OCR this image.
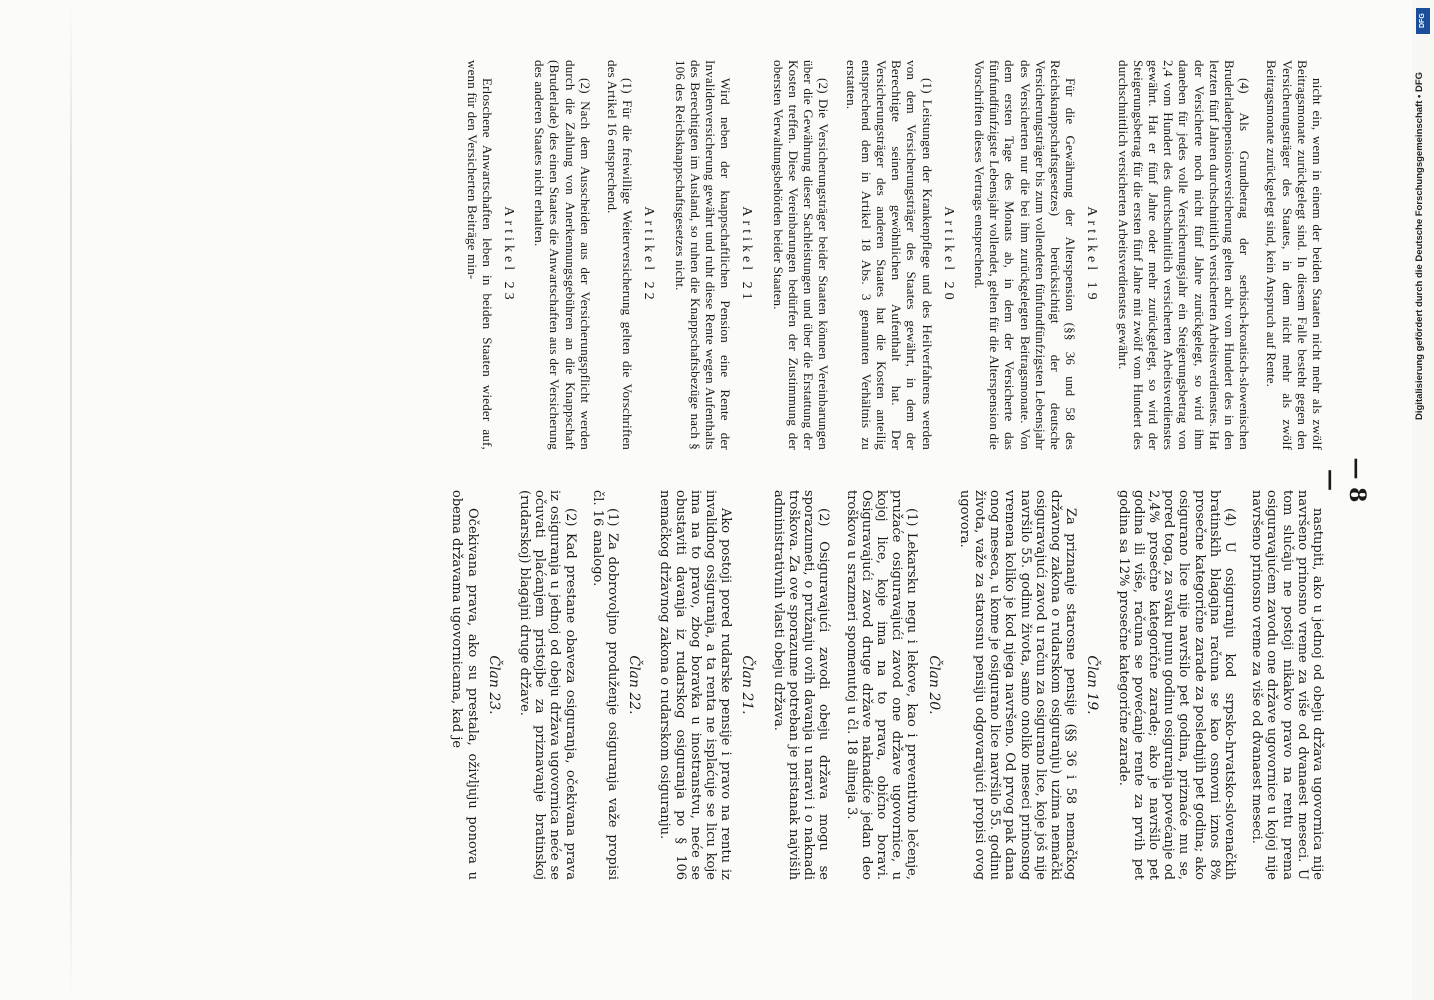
— 8 —

nicht ein, wenn in einem der beiden Staaten nicht mehr als zwölf Beitragsmonate zurückgelegt sind. In diesem Falle besteht gegen den Versicherungsträger des Staates, in dem nicht mehr als zwölf Beitragsmonate zurückgelegt sind, kein Anspruch auf Rente.

(4) Als Grundbetrag der serbisch-kroatisch-slowenischen Bruderladenpensionsversicherung gelten acht vom Hundert des in den letzten fünf Jahren durchschnittlich versicherten Arbeitsverdienstes. Hat der Versicherte noch nicht fünf Jahre zurückgelegt, so wird ihm daneben für jedes volle Versicherungsjahr ein Steigerungsbetrag von 2,4 vom Hundert des durchschnittlich versicherten Arbeitsverdienstes gewährt. Hat er fünf Jahre oder mehr zurückgelegt, so wird der Steigerungsbetrag für die ersten fünf Jahre mit zwölf vom Hundert des durchschnittlich versicherten Arbeitsverdienstes gewährt.

Artikel 19

Für die Gewährung der Alterspension (§§ 36 und 58 des Reichsknappschaftsgesetzes) berücksichtigt der deutsche Versicherungsträger bis zum vollendeten fünfundfünfzigsten Lebensjahr des Versicherten nur die bei ihm zurückgelegten Beitragsmonate. Von dem ersten Tage des Monats ab, in dem der Versicherte das fünfundfünfzigste Lebensjahr vollendet, gelten für die Alterspension die Vorschriften dieses Vertrags entsprechend.

Artikel 20

(1) Leistungen der Krankenpflege und des Heilverfahrens werden von dem Versicherungsträger des Staates gewährt, in dem der Berechtigte seinen gewöhnlichen Aufenthalt hat. Der Versicherungsträger des anderen Staates hat die Kosten anteilig entsprechend dem in Artikel 18 Abs. 3 genannten Verhältnis zu erstatten.

(2) Die Versicherungsträger beider Staaten können Vereinbarungen über die Gewährung dieser Sachleistungen und über die Erstattung der Kosten treffen. Diese Vereinbarungen bedürfen der Zustimmung der obersten Verwaltungsbehörden beider Staaten.

Artikel 21

Wird neben der knappschaftlichen Pension eine Rente der Invalidenversicherung gewährt und ruht diese Rente wegen Aufenthalts des Berechtigten im Ausland, so ruhen die Knappschaftsbezüge nach § 106 des Reichsknappschaftsgesetzes nicht.

Artikel 22

(1) Für die freiwillige Weiterversicherung gelten die Vorschriften des Artikel 16 entsprechend.

(2) Nach dem Ausscheiden aus der Versicherungspflicht werden durch die Zahlung von Anerkennungsgebühren an die Knappschaft (Bruderlade) des einen Staates die Anwartschaften aus der Versicherung des anderen Staates nicht erhalten.

Artikel 23

Erloschene Anwartschaften leben in beiden Staaten wieder auf, wenn für den Versicherten Beiträge min-

nastupiti, ako u jednoj od obeju država ugovornica nije navršeno prinosno vreme za više od dvanaest meseci. U tom slučaju ne postoji nikakvo pravo na rentu prema osiguravajućem zavodu one države ugovornice u kojoj nije navršeno prinosno vreme za više od dvanaest meseci.

(4) U osiguranju kod srpsko-hrvatsko-slovenačkih bratinskih blagajna računa se kao osnovni iznos 8% prosečne kategorične zarade za poslednjih pet godina; ako osigurano lice nije navršilo pet godina, priznaće mu se, pored toga, za svaku punu godinu osiguranja povećanje od 2,4% prosečne kategorične zarade; ako je navršilo pet godina ili više, računa se povećanje rente za prvih pet godina sa 12% prosečne kategorične zarade.

Član 19.

Za priznanje starosne pensije (§§ 36 i 58 nemačkog državnog zakona o rudarskom osiguranju) uzima nemački osiguravajući zavod u račun za osigurano lice, koje još nije navršilo 55. godinu života, samo onoliko meseci prinosnog vremena koliko je kod njega navršeno. Od prvog pak dana onog meseca, u kome je osigurano lice navršilo 55. godinu života, važe za starosnu pensiju odgovarajući propisi ovog ugovora.

Član 20.

(1) Lekarsku negu i lekove, kao i preventivno lečenje, pružaće osiguravajući zavod one države ugovornice, u kojoj lice, koje ima na to prava, obično boravi. Osiguravajući zavod druge države naknadiće jedan deo troškova u srazmeri spomenutoj u čl. 18 alineja 3.

(2) Osiguravajući zavodi obeju država mogu se sporazumeti, o pružanju ovih davanja u naravi i o naknadi troškova. Za ove sporazume potreban je pristanak najviših administrativnih vlasti obeju država.

Član 21.

Ako postoji pored rudarske pensije i pravo na rentu iz invalidnog osiguranja, a ta renta ne isplaćuje se licu koje ima na to pravo, zbog boravka u inostranstvu, neće se obustaviti davanja iz rudarskog osiguranja po § 106 nemačkog državnog zakona o rudarskom osiguranju.

Član 22.

(1) Za dobrovoljno produženje osiguranja važe propisi čl. 16 analogo.

(2) Kad prestane obaveza osiguranja, očekivana prava iz osiguranja u jednoj od obeju država ugovornica neće se očuvati plaćanjem pristojbe za priznavanje bratinskoj (rudarskoj) blagajni druge države.

Član 23.

Očekivana prava, ako su prestala, oživljuju ponova u obema državama ugovornicama, kad je

DFG
Digitalisierung gefördert durch die Deutsche Forschungsgemeinschaft • DFG
